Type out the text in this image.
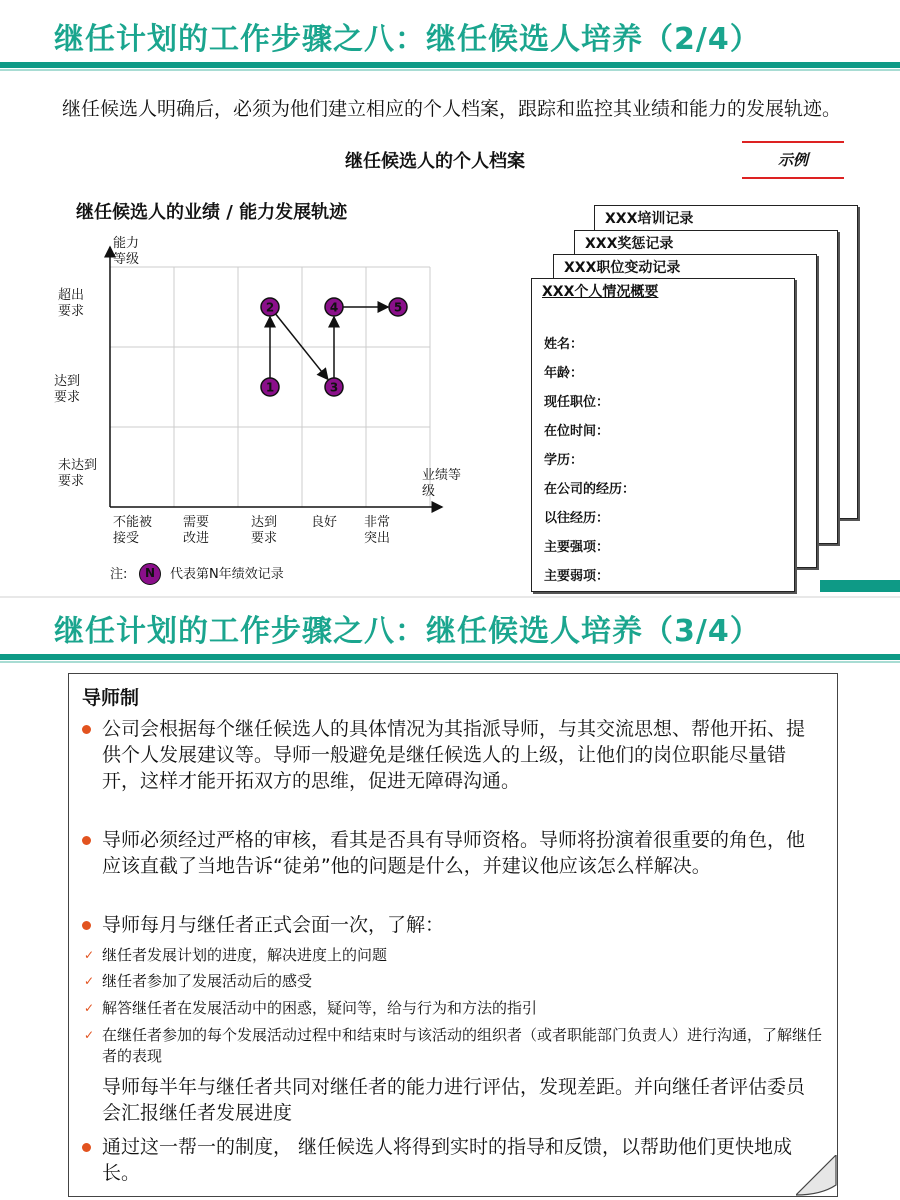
继任计划的工作步骤之八：继任候选人培养（2/4）
继任候选人明确后，必须为他们建立相应的个人档案，跟踪和监控其业绩和能力的发展轨迹。
继任候选人的个人档案	示例
继任候选人的业绩 / 能力发展轨迹
1
2
3
4	5
能力等级
业绩等级
未达到要求
达到要求
超出要求
不能被接受
需要改进
达到要求
良好	非常突出
注:	N	代表第N年绩效记录
XXX培训记录
XXX奖惩记录
XXX职位变动记录
XXX个人情况概要
姓名：
年龄：
现任职位：
在位时间：
学历：
在公司的经历：
以往经历：
主要强项：
主要弱项：
继任计划的工作步骤之八：继任候选人培养（3/4）
导师制
公司会根据每个继任候选人的具体情况为其指派导师，与其交流思想、帮他开拓、提供个人发展建议等。导师一般避免是继任候选人的上级，让他们的岗位职能尽量错开，这样才能开拓双方的思维，促进无障碍沟通。
导师必须经过严格的审核，看其是否具有导师资格。导师将扮演着很重要的角色，他应该直截了当地告诉“徒弟”他的问题是什么，并建议他应该怎么样解决。
导师每月与继任者正式会面一次，了解：
✓ 继任者发展计划的进度，解决进度上的问题
✓ 继任者参加了发展活动后的感受
✓ 解答继任者在发展活动中的困惑，疑问等，给与行为和方法的指引
✓ 在继任者参加的每个发展活动过程中和结束时与该活动的组织者（或者职能部门负责人）进行沟通，了解继任者的表现
导师每半年与继任者共同对继任者的能力进行评估，发现差距。并向继任者评估委员会汇报继任者发展进度
通过这一帮一的制度， 继任候选人将得到实时的指导和反馈，以帮助他们更快地成长。
